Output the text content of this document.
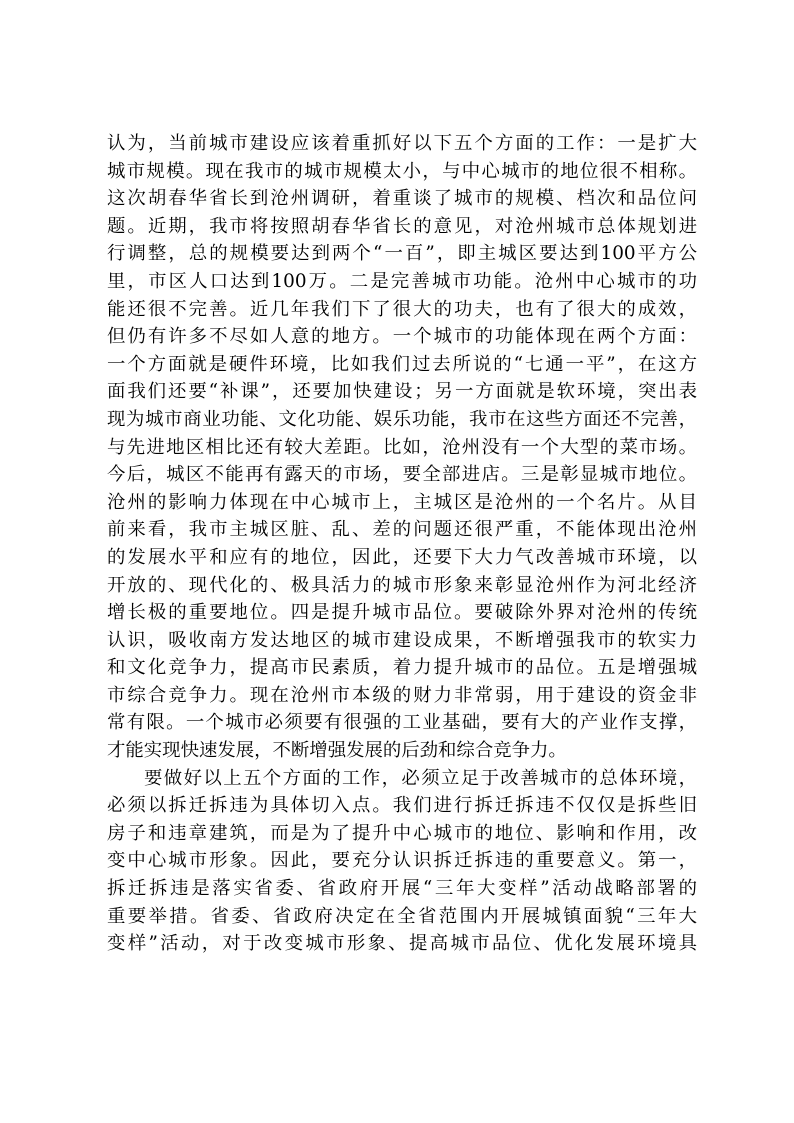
认为，当前城市建设应该着重抓好以下五个方面的工作：一是扩大
城市规模。现在我市的城市规模太小，与中心城市的地位很不相称。
这次胡春华省长到沧州调研，着重谈了城市的规模、档次和品位问
题。近期，我市将按照胡春华省长的意见，对沧州城市总体规划进
行调整，总的规模要达到两个“一百”，即主城区要达到100平方公
里，市区人口达到100万。二是完善城市功能。沧州中心城市的功
能还很不完善。近几年我们下了很大的功夫，也有了很大的成效，
但仍有许多不尽如人意的地方。一个城市的功能体现在两个方面：
一个方面就是硬件环境，比如我们过去所说的“七通一平”，在这方
面我们还要“补课”，还要加快建设；另一方面就是软环境，突出表
现为城市商业功能、文化功能、娱乐功能，我市在这些方面还不完善，
与先进地区相比还有较大差距。比如，沧州没有一个大型的菜市场。
今后，城区不能再有露天的市场，要全部进店。三是彰显城市地位。
沧州的影响力体现在中心城市上，主城区是沧州的一个名片。从目
前来看，我市主城区脏、乱、差的问题还很严重，不能体现出沧州
的发展水平和应有的地位，因此，还要下大力气改善城市环境，以
开放的、现代化的、极具活力的城市形象来彰显沧州作为河北经济
增长极的重要地位。四是提升城市品位。要破除外界对沧州的传统
认识，吸收南方发达地区的城市建设成果，不断增强我市的软实力
和文化竞争力，提高市民素质，着力提升城市的品位。五是增强城
市综合竞争力。现在沧州市本级的财力非常弱，用于建设的资金非
常有限。一个城市必须要有很强的工业基础，要有大的产业作支撑，
才能实现快速发展，不断增强发展的后劲和综合竞争力。
要做好以上五个方面的工作，必须立足于改善城市的总体环境，
必须以拆迁拆违为具体切入点。我们进行拆迁拆违不仅仅是拆些旧
房子和违章建筑，而是为了提升中心城市的地位、影响和作用，改
变中心城市形象。因此，要充分认识拆迁拆违的重要意义。第一，
拆迁拆违是落实省委、省政府开展“三年大变样”活动战略部署的
重要举措。省委、省政府决定在全省范围内开展城镇面貌“三年大
变样”活动，对于改变城市形象、提高城市品位、优化发展环境具
